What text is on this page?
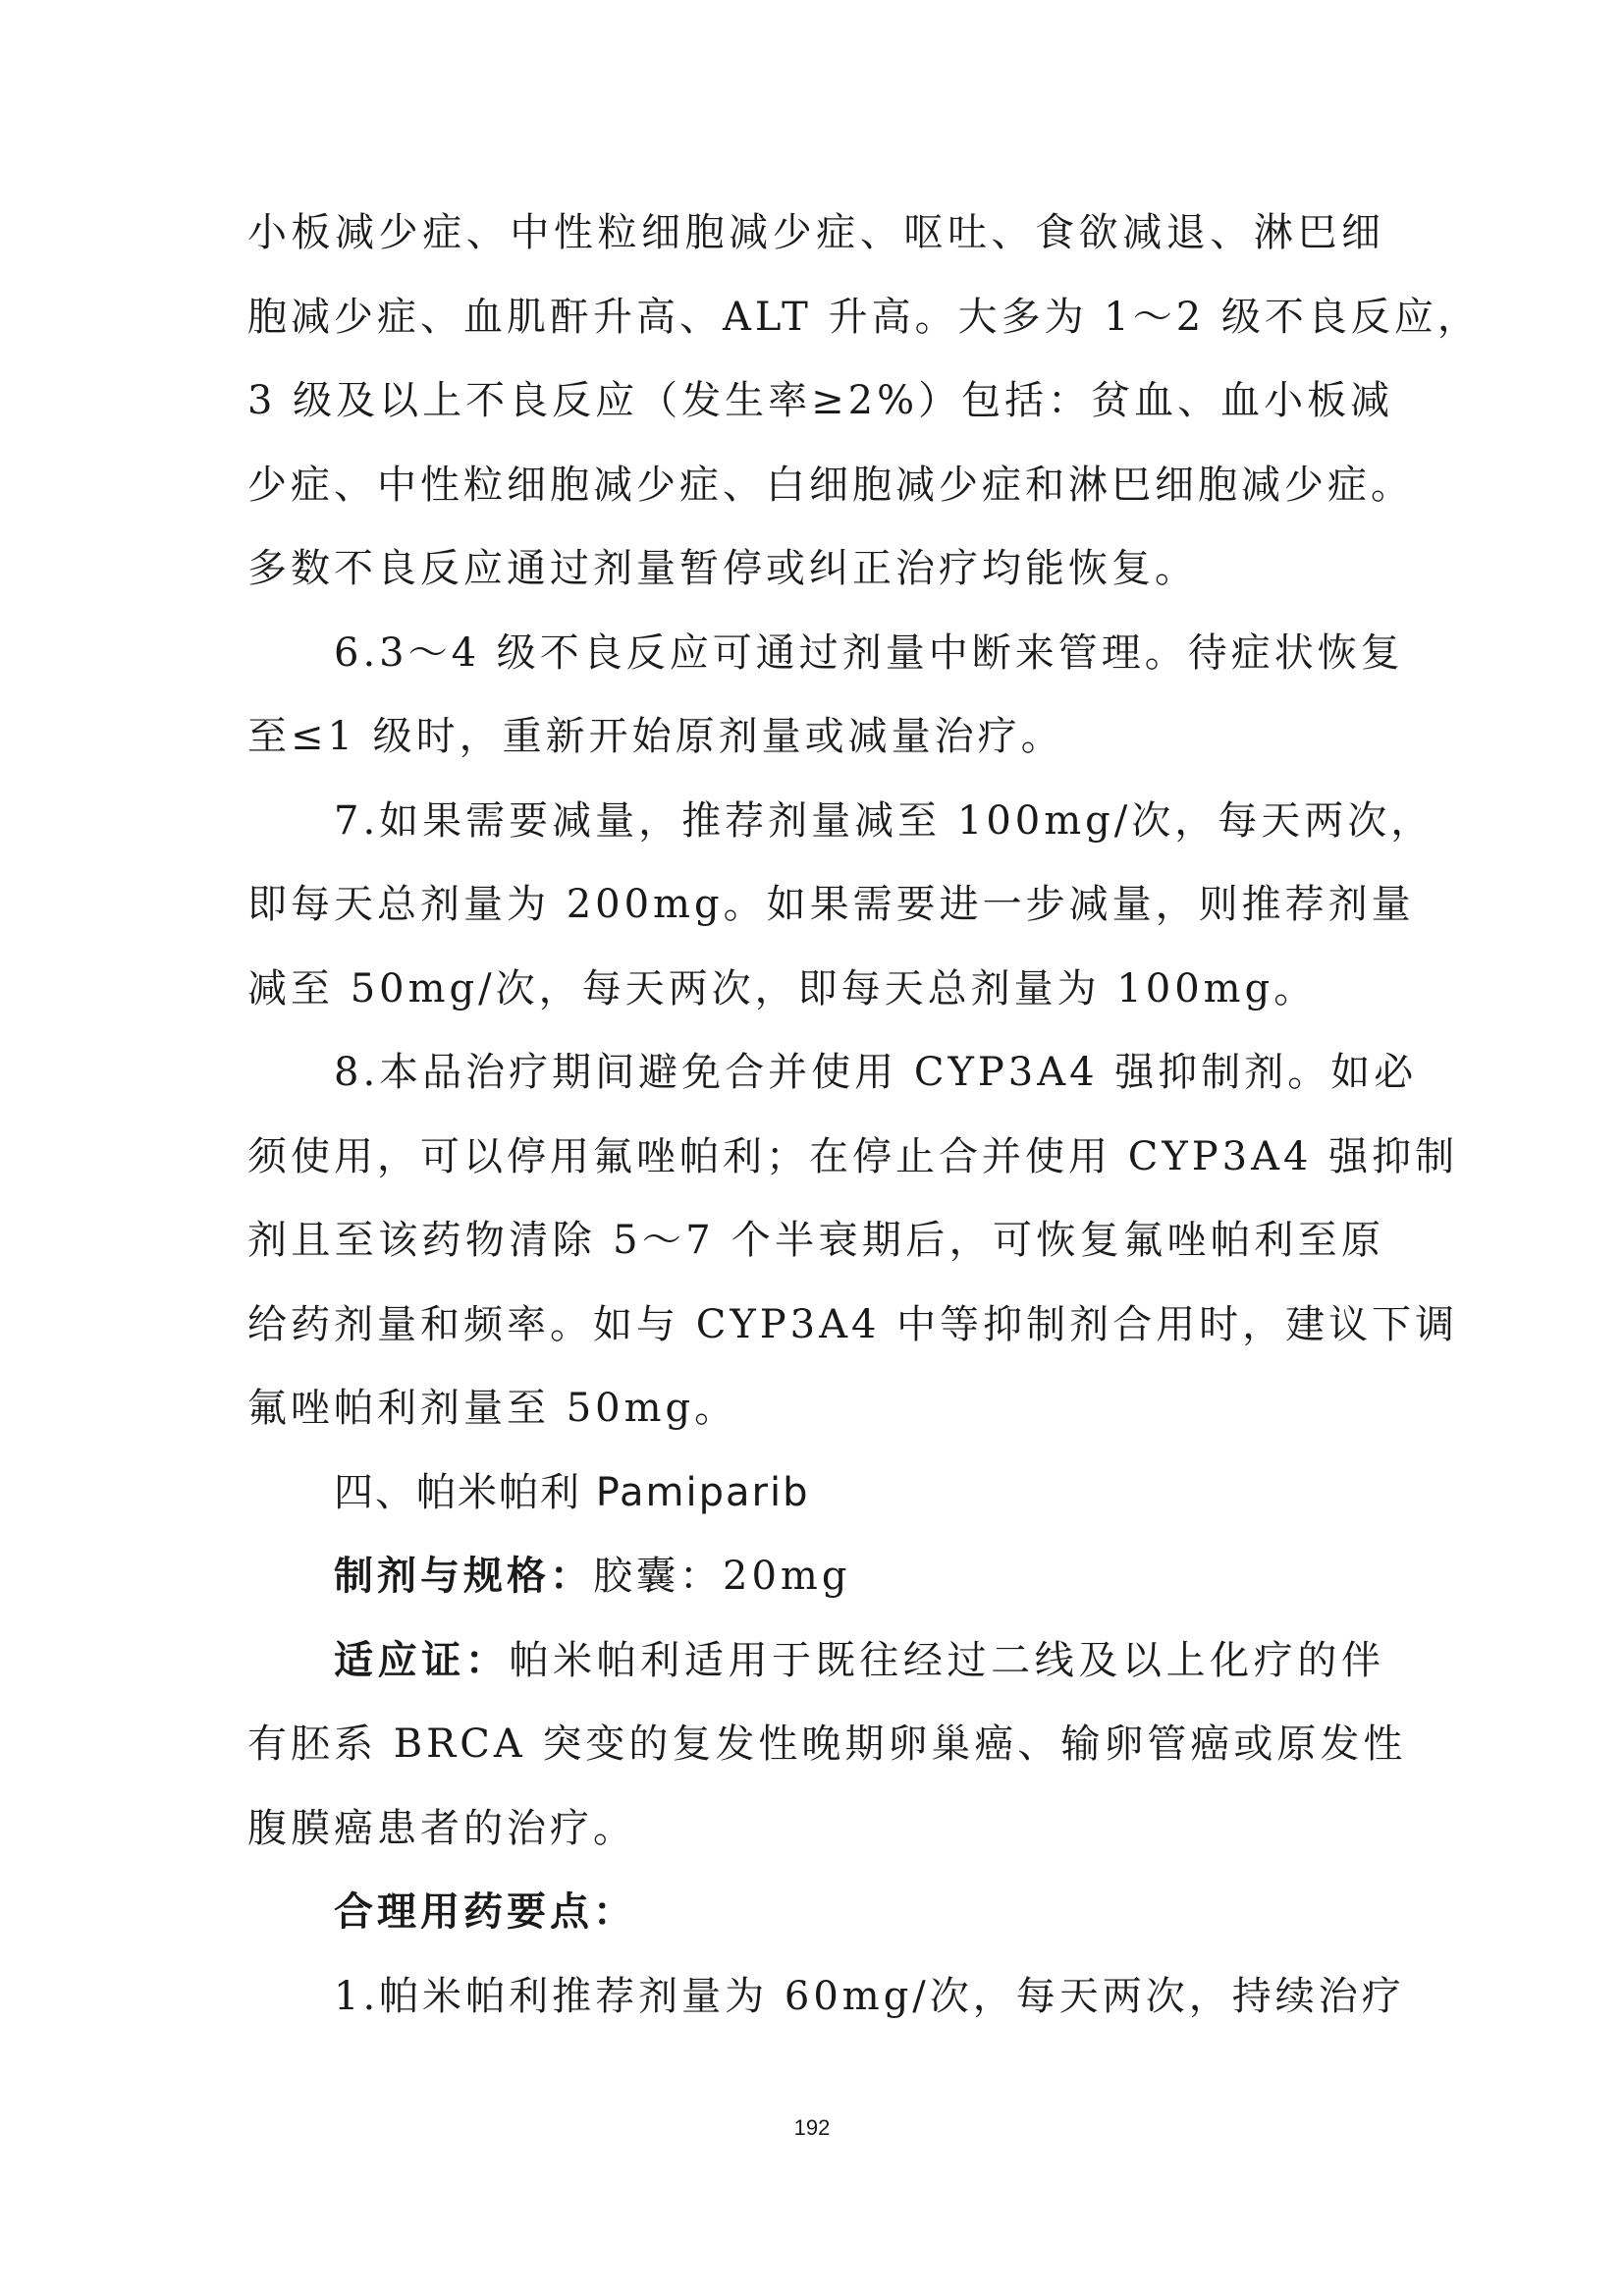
小板减少症、中性粒细胞减少症、呕吐、食欲减退、淋巴细
胞减少症、血肌酐升高、ALT 升高。大多为 1～2 级不良反应，
3 级及以上不良反应（发生率≥2%）包括：贫血、血小板减
少症、中性粒细胞减少症、白细胞减少症和淋巴细胞减少症。
多数不良反应通过剂量暂停或纠正治疗均能恢复。
6.3～4 级不良反应可通过剂量中断来管理。待症状恢复
至≤1 级时，重新开始原剂量或减量治疗。
7.如果需要减量，推荐剂量减至 100mg/次，每天两次，
即每天总剂量为 200mg。如果需要进一步减量，则推荐剂量
减至 50mg/次，每天两次，即每天总剂量为 100mg。
8.本品治疗期间避免合并使用 CYP3A4 强抑制剂。如必
须使用，可以停用氟唑帕利；在停止合并使用 CYP3A4 强抑制
剂且至该药物清除 5～7 个半衰期后，可恢复氟唑帕利至原
给药剂量和频率。如与 CYP3A4 中等抑制剂合用时，建议下调
氟唑帕利剂量至 50mg。
四、帕米帕利 Pamiparib
制剂与规格：胶囊：20mg
适应证：帕米帕利适用于既往经过二线及以上化疗的伴
有胚系 BRCA 突变的复发性晚期卵巢癌、输卵管癌或原发性
腹膜癌患者的治疗。
合理用药要点：
1.帕米帕利推荐剂量为 60mg/次，每天两次，持续治疗
192
